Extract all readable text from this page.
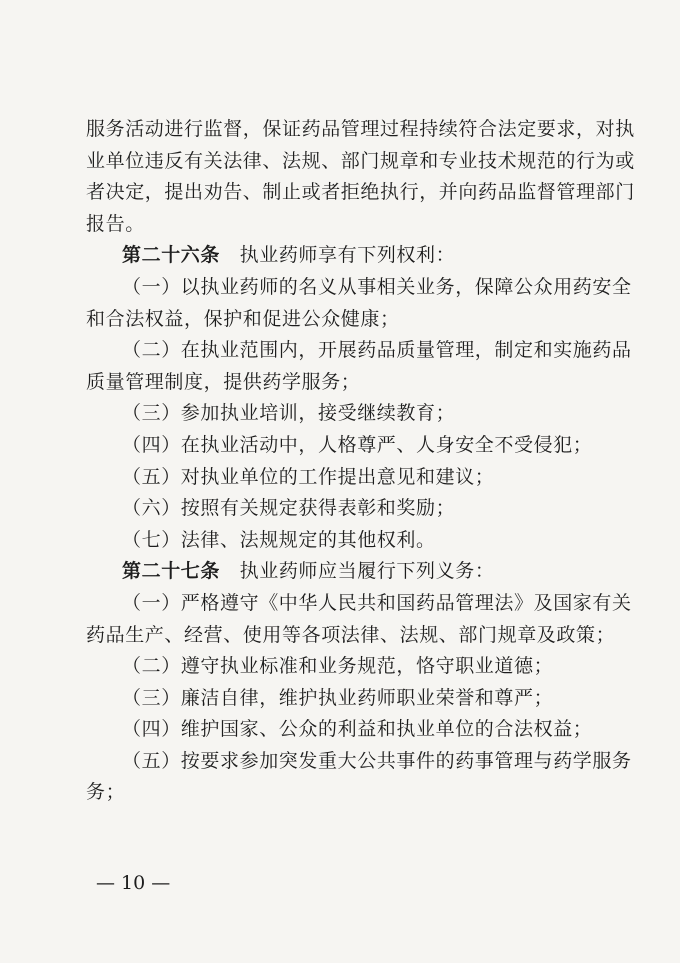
服务活动进行监督，保证药品管理过程持续符合法定要求，对执
业单位违反有关法律、法规、部门规章和专业技术规范的行为或
者决定，提出劝告、制止或者拒绝执行，并向药品监督管理部门
报告。
第二十六条  执业药师享有下列权利：
（一）以执业药师的名义从事相关业务，保障公众用药安全
和合法权益，保护和促进公众健康；
（二）在执业范围内，开展药品质量管理，制定和实施药品
质量管理制度，提供药学服务；
（三）参加执业培训，接受继续教育；
（四）在执业活动中，人格尊严、人身安全不受侵犯；
（五）对执业单位的工作提出意见和建议；
（六）按照有关规定获得表彰和奖励；
（七）法律、法规规定的其他权利。
第二十七条  执业药师应当履行下列义务：
（一）严格遵守《中华人民共和国药品管理法》及国家有关
药品生产、经营、使用等各项法律、法规、部门规章及政策；
（二）遵守执业标准和业务规范，恪守职业道德；
（三）廉洁自律，维护执业药师职业荣誉和尊严；
（四）维护国家、公众的利益和执业单位的合法权益；
（五）按要求参加突发重大公共事件的药事管理与药学服务
务；
— 10 —
